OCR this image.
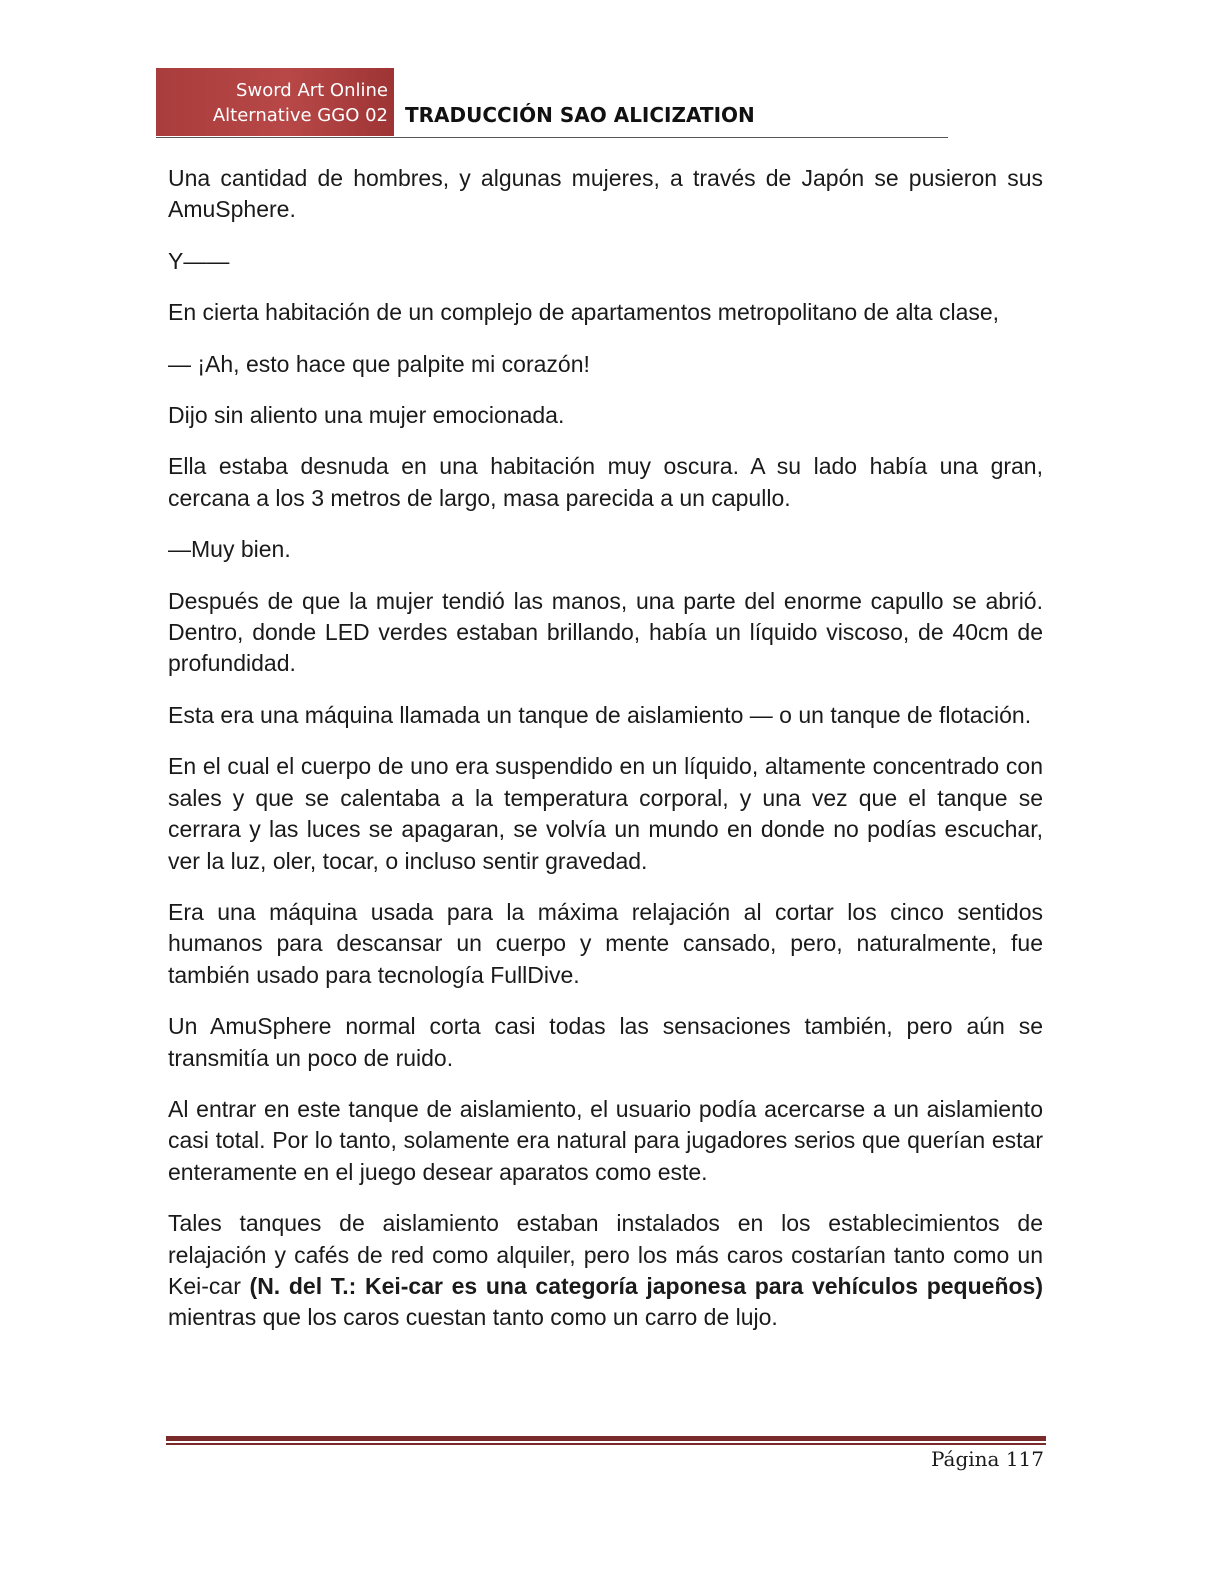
Sword Art Online
Alternative GGO 02 TRADUCCIÓN SAO ALICIZATION

Una cantidad de hombres, y algunas mujeres, a través de Japón se pusieron sus AmuSphere.

Y——

En cierta habitación de un complejo de apartamentos metropolitano de alta clase,

— ¡Ah, esto hace que palpite mi corazón!

Dijo sin aliento una mujer emocionada.

Ella estaba desnuda en una habitación muy oscura. A su lado había una gran, cercana a los 3 metros de largo, masa parecida a un capullo.

—Muy bien.

Después de que la mujer tendió las manos, una parte del enorme capullo se abrió. Dentro, donde LED verdes estaban brillando, había un líquido viscoso, de 40cm de profundidad.

Esta era una máquina llamada un tanque de aislamiento — o un tanque de flotación.

En el cual el cuerpo de uno era suspendido en un líquido, altamente concentrado con sales y que se calentaba a la temperatura corporal, y una vez que el tanque se cerrara y las luces se apagaran, se volvía un mundo en donde no podías escuchar, ver la luz, oler, tocar, o incluso sentir gravedad.

Era una máquina usada para la máxima relajación al cortar los cinco sentidos humanos para descansar un cuerpo y mente cansado, pero, naturalmente, fue también usado para tecnología FullDive.

Un AmuSphere normal corta casi todas las sensaciones también, pero aún se transmitía un poco de ruido.

Al entrar en este tanque de aislamiento, el usuario podía acercarse a un aislamiento casi total. Por lo tanto, solamente era natural para jugadores serios que querían estar enteramente en el juego desear aparatos como este.

Tales tanques de aislamiento estaban instalados en los establecimientos de relajación y cafés de red como alquiler, pero los más caros costarían tanto como un Kei-car (N. del T.: Kei-car es una categoría japonesa para vehículos pequeños) mientras que los caros cuestan tanto como un carro de lujo.

Página 117
